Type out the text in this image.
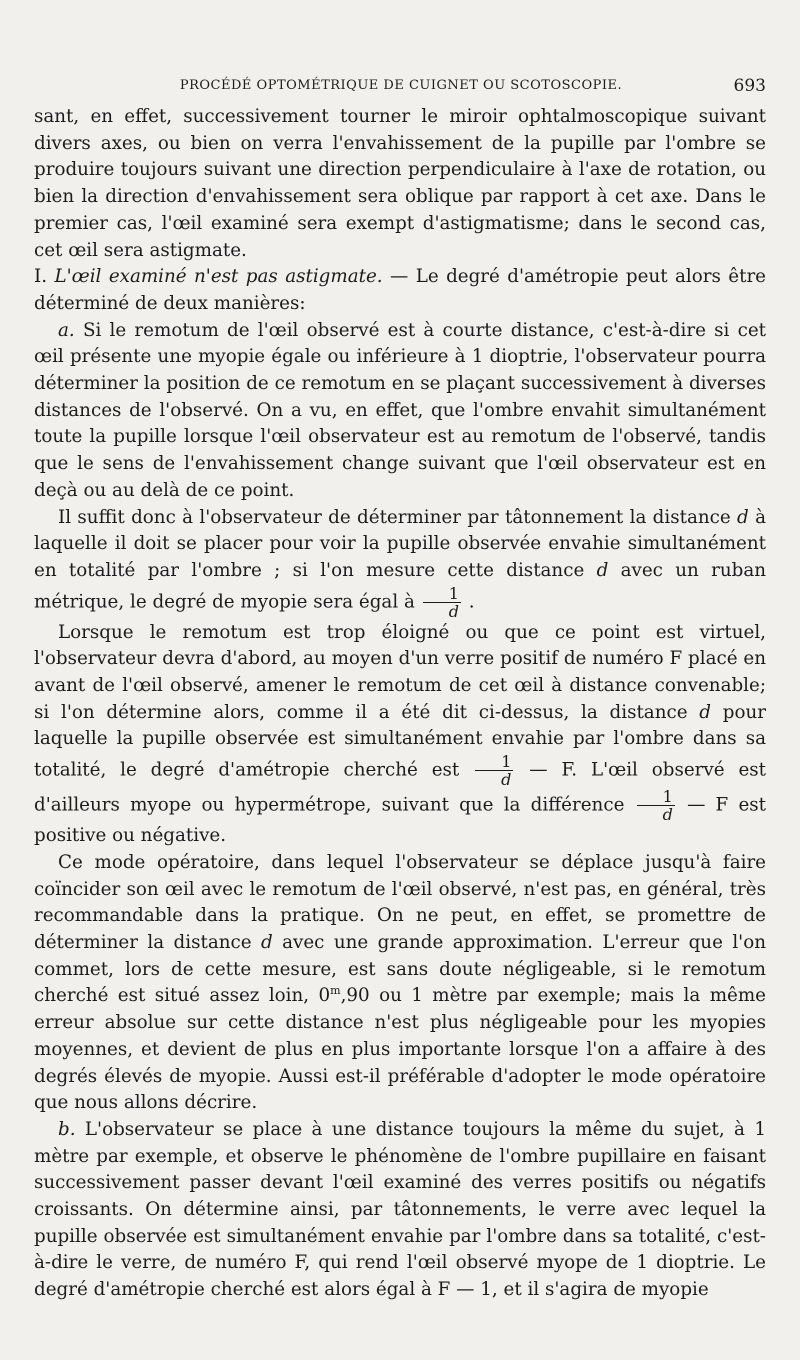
PROCÉDÉ OPTOMÉTRIQUE DE CUIGNET OU SCOTOSCOPIE.	693

sant, en effet, successivement tourner le miroir ophtalmoscopique suivant divers axes, ou bien on verra l'envahissement de la pupille par l'ombre se produire toujours suivant une direction perpendiculaire à l'axe de rotation, ou bien la direction d'envahissement sera oblique par rapport à cet axe. Dans le premier cas, l'œil examiné sera exempt d'astigmatisme; dans le second cas, cet œil sera astigmate.

I. L'œil examiné n'est pas astigmate. — Le degré d'amétropie peut alors être déterminé de deux manières:

a. Si le remotum de l'œil observé est à courte distance, c'est-à-dire si cet œil présente une myopie égale ou inférieure à 1 dioptrie, l'observateur pourra déterminer la position de ce remotum en se plaçant successivement à diverses distances de l'observé. On a vu, en effet, que l'ombre envahit simultanément toute la pupille lorsque l'œil observateur est au remotum de l'observé, tandis que le sens de l'envahissement change suivant que l'œil observateur est en deçà ou au delà de ce point.

Il suffit donc à l'observateur de déterminer par tâtonnement la distance d à laquelle il doit se placer pour voir la pupille observée envahie simultanément en totalité par l'ombre ; si l'on mesure cette distance d avec un ruban métrique, le degré de myopie sera égal à $\frac{1}{d}$ .

Lorsque le remotum est trop éloigné ou que ce point est virtuel, l'observateur devra d'abord, au moyen d'un verre positif de numéro F placé en avant de l'œil observé, amener le remotum de cet œil à distance convenable; si l'on détermine alors, comme il a été dit ci-dessus, la distance d pour laquelle la pupille observée est simultanément envahie par l'ombre dans sa totalité, le degré d'amétropie cherché est $\frac{1}{d}$ — F. L'œil observé est d'ailleurs myope ou hypermétrope, suivant que la différence $\frac{1}{d}$ — F est positive ou négative.

Ce mode opératoire, dans lequel l'observateur se déplace jusqu'à faire coïncider son œil avec le remotum de l'œil observé, n'est pas, en général, très recommandable dans la pratique. On ne peut, en effet, se promettre de déterminer la distance d avec une grande approximation. L'erreur que l'on commet, lors de cette mesure, est sans doute négligeable, si le remotum cherché est situé assez loin, 0$^m$,90 ou 1 mètre par exemple; mais la même erreur absolue sur cette distance n'est plus négligeable pour les myopies moyennes, et devient de plus en plus importante lorsque l'on a affaire à des degrés élevés de myopie. Aussi est-il préférable d'adopter le mode opératoire que nous allons décrire.

b. L'observateur se place à une distance toujours la même du sujet, à 1 mètre par exemple, et observe le phénomène de l'ombre pupillaire en faisant successivement passer devant l'œil examiné des verres positifs ou négatifs croissants. On détermine ainsi, par tâtonnements, le verre avec lequel la pupille observée est simultanément envahie par l'ombre dans sa totalité, c'est-à-dire le verre, de numéro F, qui rend l'œil observé myope de 1 dioptrie. Le degré d'amétropie cherché est alors égal à F — 1, et il s'agira de myopie
